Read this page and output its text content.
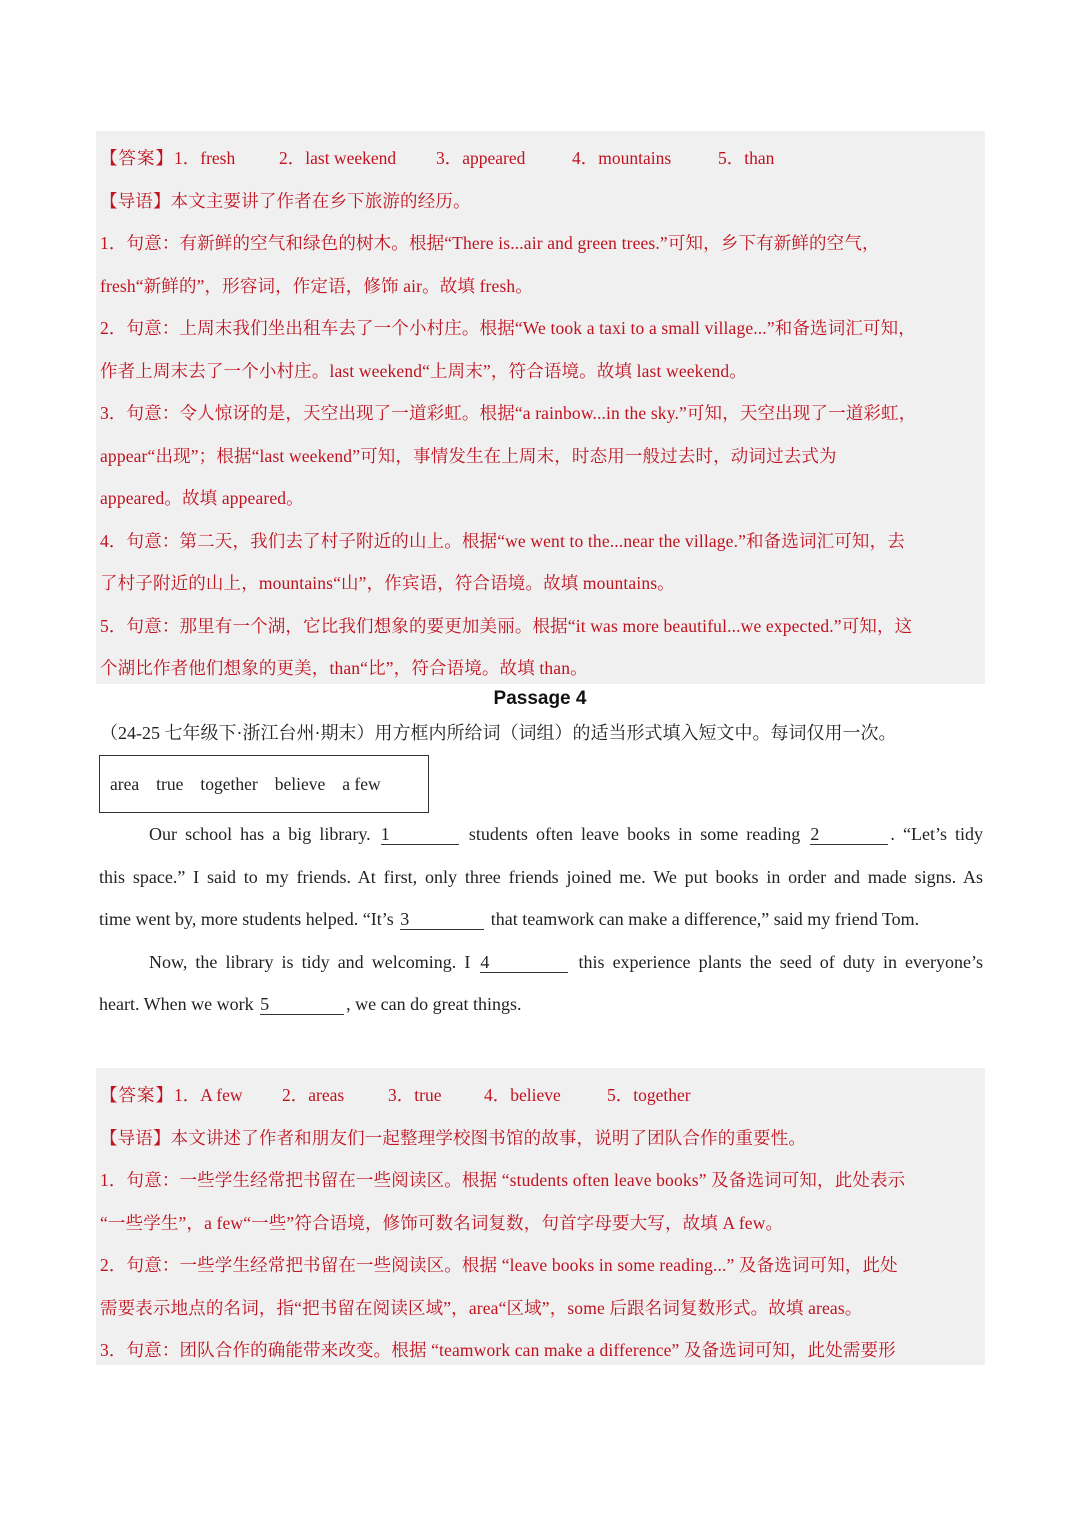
【答案】1．fresh	2．last weekend 3．appeared	4．mountains	5．than
【导语】本文主要讲了作者在乡下旅游的经历。
1．句意：有新鲜的空气和绿色的树木。根据“There is...air and green trees.”可知，乡下有新鲜的空气，
fresh“新鲜的”，形容词，作定语，修饰 air。故填 fresh。
2．句意：上周末我们坐出租车去了一个小村庄。根据“We took a taxi to a small village...”和备选词汇可知，
作者上周末去了一个小村庄。last weekend“上周末”，符合语境。故填 last weekend。
3．句意：令人惊讶的是，天空出现了一道彩虹。根据“a rainbow...in the sky.”可知，天空出现了一道彩虹，
appear“出现”；根据“last weekend”可知，事情发生在上周末，时态用一般过去时，动词过去式为
appeared。故填 appeared。
4．句意：第二天，我们去了村子附近的山上。根据“we went to the...near the village.”和备选词汇可知，去
了村子附近的山上，mountains“山”，作宾语，符合语境。故填 mountains。
5．句意：那里有一个湖，它比我们想象的要更加美丽。根据“it was more beautiful...we expected.”可知，这
个湖比作者他们想象的更美，than“比”，符合语境。故填 than。
Passage 4
（24-25 七年级下·浙江台州·期末）用方框内所给词（词组）的适当形式填入短文中。每词仅用一次。
area true together believe a few
Our school has a big library. 1	students often leave books in some reading 2	. “Let’s tidy
this space.” I said to my friends. At first, only three friends joined me. We put books in order and made signs. As
time went by, more students helped. “It’s 3	that teamwork can make a difference,” said my friend Tom.
Now, the library is tidy and welcoming. I 4	this experience plants the seed of duty in everyone’s
heart. When we work 5	, we can do great things.
【答案】1．A few 2．areas	3．true 4．believe	5．together
【导语】本文讲述了作者和朋友们一起整理学校图书馆的故事，说明了团队合作的重要性。
1．句意：一些学生经常把书留在一些阅读区。根据 “students often leave books” 及备选词可知，此处表示
“一些学生”，a few“一些”符合语境，修饰可数名词复数，句首字母要大写，故填 A few。
2．句意：一些学生经常把书留在一些阅读区。根据 “leave books in some reading...” 及备选词可知，此处
需要表示地点的名词，指“把书留在阅读区域”，area“区域”，some 后跟名词复数形式。故填 areas。
3．句意：团队合作的确能带来改变。根据 “teamwork can make a difference” 及备选词可知，此处需要形
